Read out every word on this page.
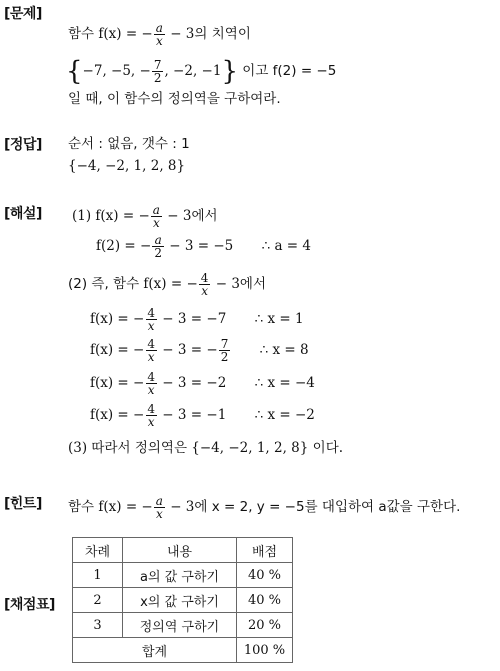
[문제]
[정답]
[해설]
[힌트]
[채점표]
함수 f(x) = − $\frac{a}{x} - 3$의 치역이
{−7, −5, − $\frac{7}{2}$ , −2, −1} 이고 f(2) = −5
일 때, 이 함수의 정의역을 구하여라.
순서 : 없음, 갯수 : 1
{−4, −2, 1, 2, 8}
(1) f(x) = − $\frac{a}{x} - 3$에서
f(2) = − $\frac{a}{2} - 3 = -5$ ∴ a = 4
(2) 즉, 함수 f(x) = − $\frac{4}{x} - 3$에서
f(x) = − $\frac{4}{x} - 3 = -7$ ∴ x = 1
f(x) = − $\frac{4}{x} - 3$ = − $\frac{7}{2}$ ∴ x = 8
f(x) = − $\frac{4}{x} - 3 = -2$ ∴ x = −4
f(x) = − $\frac{4}{x} - 3 = -1$ ∴ x = −2
(3) 따라서 정의역은 {−4, −2, 1, 2, 8} 이다.
함수 f(x) = − $\frac{a}{x} - 3$에 x = 2, y = −5를 대입하여 a값을 구한다.
차례	내용	배점
1	a의 값 구하기	40 %
2	x의 값 구하기	40 %
3	정의역 구하기	20 %
합계		100 %
